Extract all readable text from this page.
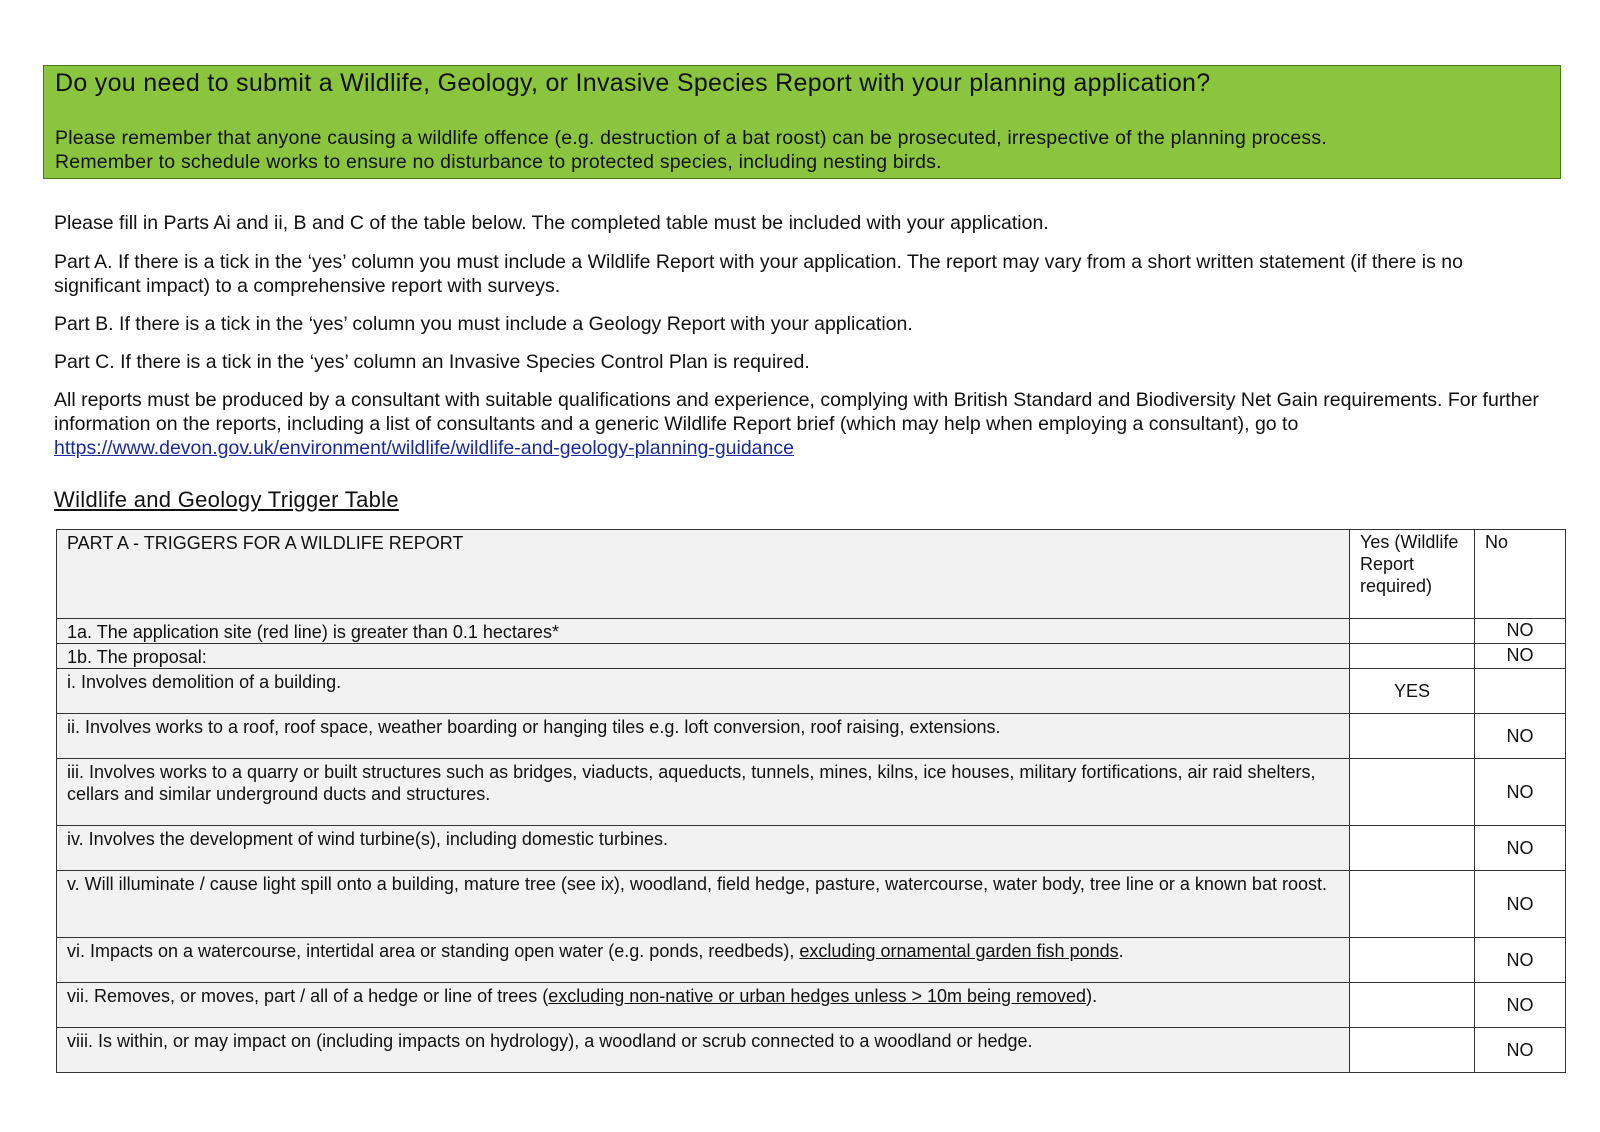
Do you need to submit a Wildlife, Geology, or Invasive Species Report with your planning application?
Please remember that anyone causing a wildlife offence (e.g. destruction of a bat roost) can be prosecuted, irrespective of the planning process.
Remember to schedule works to ensure no disturbance to protected species, including nesting birds.

Please fill in Parts Ai and ii, B and C of the table below. The completed table must be included with your application.

Part A. If there is a tick in the ‘yes’ column you must include a Wildlife Report with your application. The report may vary from a short written statement (if there is no significant impact) to a comprehensive report with surveys.

Part B. If there is a tick in the ‘yes’ column you must include a Geology Report with your application.

Part C. If there is a tick in the ‘yes’ column an Invasive Species Control Plan is required.

All reports must be produced by a consultant with suitable qualifications and experience, complying with British Standard and Biodiversity Net Gain requirements. For further information on the reports, including a list of consultants and a generic Wildlife Report brief (which may help when employing a consultant), go to
https://www.devon.gov.uk/environment/wildlife/wildlife-and-geology-planning-guidance

Wildlife and Geology Trigger Table
PART A - TRIGGERS FOR A WILDLIFE REPORT	Yes (Wildlife Report required)	No
1a. The application site (red line) is greater than 0.1 hectares*		NO
1b. The proposal:		NO
i. Involves demolition of a building.	YES	
ii. Involves works to a roof, roof space, weather boarding or hanging tiles e.g. loft conversion, roof raising, extensions.		NO
iii. Involves works to a quarry or built structures such as bridges, viaducts, aqueducts, tunnels, mines, kilns, ice houses, military fortifications, air raid shelters, cellars and similar underground ducts and structures.		NO
iv. Involves the development of wind turbine(s), including domestic turbines.		NO
v. Will illuminate / cause light spill onto a building, mature tree (see ix), woodland, field hedge, pasture, watercourse, water body, tree line or a known bat roost.		NO
vi. Impacts on a watercourse, intertidal area or standing open water (e.g. ponds, reedbeds), excluding ornamental garden fish ponds.		NO
vii. Removes, or moves, part / all of a hedge or line of trees (excluding non-native or urban hedges unless > 10m being removed).		NO
viii. Is within, or may impact on (including impacts on hydrology), a woodland or scrub connected to a woodland or hedge.		NO
